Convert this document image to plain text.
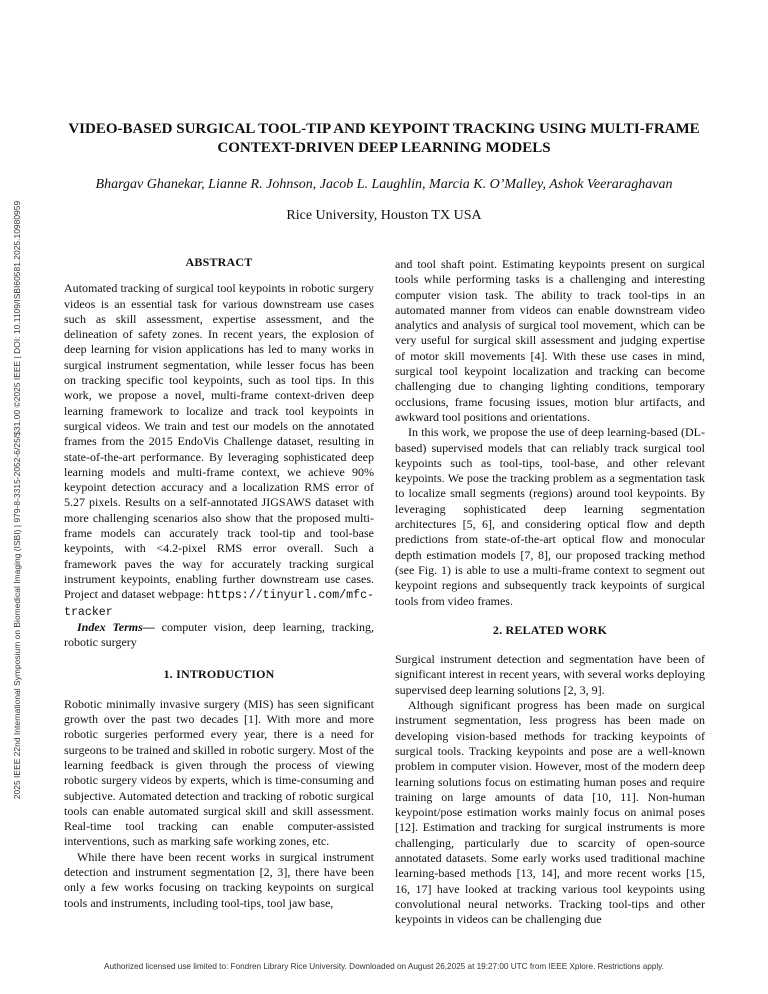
2025 IEEE 22nd International Symposium on Biomedical Imaging (ISBI) | 979-8-3315-2052-6/25/$31.00 ©2025 IEEE | DOI: 10.1109/ISBI60581.2025.10980959
VIDEO-BASED SURGICAL TOOL-TIP AND KEYPOINT TRACKING USING MULTI-FRAME
CONTEXT-DRIVEN DEEP LEARNING MODELS

Bhargav Ghanekar, Lianne R. Johnson, Jacob L. Laughlin, Marcia K. O’Malley, Ashok Veeraraghavan

Rice University, Houston TX USA

ABSTRACT

Automated tracking of surgical tool keypoints in robotic surgery videos is an essential task for various downstream use cases such as skill assessment, expertise assessment, and the delineation of safety zones. In recent years, the explosion of deep learning for vision applications has led to many works in surgical instrument segmentation, while lesser focus has been on tracking specific tool keypoints, such as tool tips. In this work, we propose a novel, multi-frame context-driven deep learning framework to localize and track tool keypoints in surgical videos. We train and test our models on the annotated frames from the 2015 EndoVis Challenge dataset, resulting in state-of-the-art performance. By leveraging sophisticated deep learning models and multi-frame context, we achieve 90% keypoint detection accuracy and a localization RMS error of 5.27 pixels. Results on a self-annotated JIGSAWS dataset with more challenging scenarios also show that the proposed multi-frame models can accurately track tool-tip and tool-base keypoints, with <4.2-pixel RMS error overall. Such a framework paves the way for accurately tracking surgical instrument keypoints, enabling further downstream use cases. Project and dataset webpage: https://tinyurl.com/mfc-tracker

Index Terms— computer vision, deep learning, tracking, robotic surgery

1. INTRODUCTION

Robotic minimally invasive surgery (MIS) has seen significant growth over the past two decades [1]. With more and more robotic surgeries performed every year, there is a need for surgeons to be trained and skilled in robotic surgery. Most of the learning feedback is given through the process of viewing robotic surgery videos by experts, which is time-consuming and subjective. Automated detection and tracking of robotic surgical tools can enable automated surgical skill and skill assessment. Real-time tool tracking can enable computer-assisted interventions, such as marking safe working zones, etc.

While there have been recent works in surgical instrument detection and instrument segmentation [2, 3], there have been only a few works focusing on tracking keypoints on surgical tools and instruments, including tool-tips, tool jaw base,

and tool shaft point. Estimating keypoints present on surgical tools while performing tasks is a challenging and interesting computer vision task. The ability to track tool-tips in an automated manner from videos can enable downstream video analytics and analysis of surgical tool movement, which can be very useful for surgical skill assessment and judging expertise of motor skill movements [4]. With these use cases in mind, surgical tool keypoint localization and tracking can become challenging due to changing lighting conditions, temporary occlusions, frame focusing issues, motion blur artifacts, and awkward tool positions and orientations.

In this work, we propose the use of deep learning-based (DL-based) supervised models that can reliably track surgical tool keypoints such as tool-tips, tool-base, and other relevant keypoints. We pose the tracking problem as a segmentation task to localize small segments (regions) around tool keypoints. By leveraging sophisticated deep learning segmentation architectures [5, 6], and considering optical flow and depth predictions from state-of-the-art optical flow and monocular depth estimation models [7, 8], our proposed tracking method (see Fig. 1) is able to use a multi-frame context to segment out keypoint regions and subsequently track keypoints of surgical tools from video frames.

2. RELATED WORK

Surgical instrument detection and segmentation have been of significant interest in recent years, with several works deploying supervised deep learning solutions [2, 3, 9].

Although significant progress has been made on surgical instrument segmentation, less progress has been made on developing vision-based methods for tracking keypoints of surgical tools. Tracking keypoints and pose are a well-known problem in computer vision. However, most of the modern deep learning solutions focus on estimating human poses and require training on large amounts of data [10, 11]. Non-human keypoint/pose estimation works mainly focus on animal poses [12]. Estimation and tracking for surgical instruments is more challenging, particularly due to scarcity of open-source annotated datasets. Some early works used traditional machine learning-based methods [13, 14], and more recent works [15, 16, 17] have looked at tracking various tool keypoints using convolutional neural networks. Tracking tool-tips and other keypoints in videos can be challenging due

Authorized licensed use limited to: Fondren Library Rice University. Downloaded on August 26,2025 at 19:27:00 UTC from IEEE Xplore. Restrictions apply.
